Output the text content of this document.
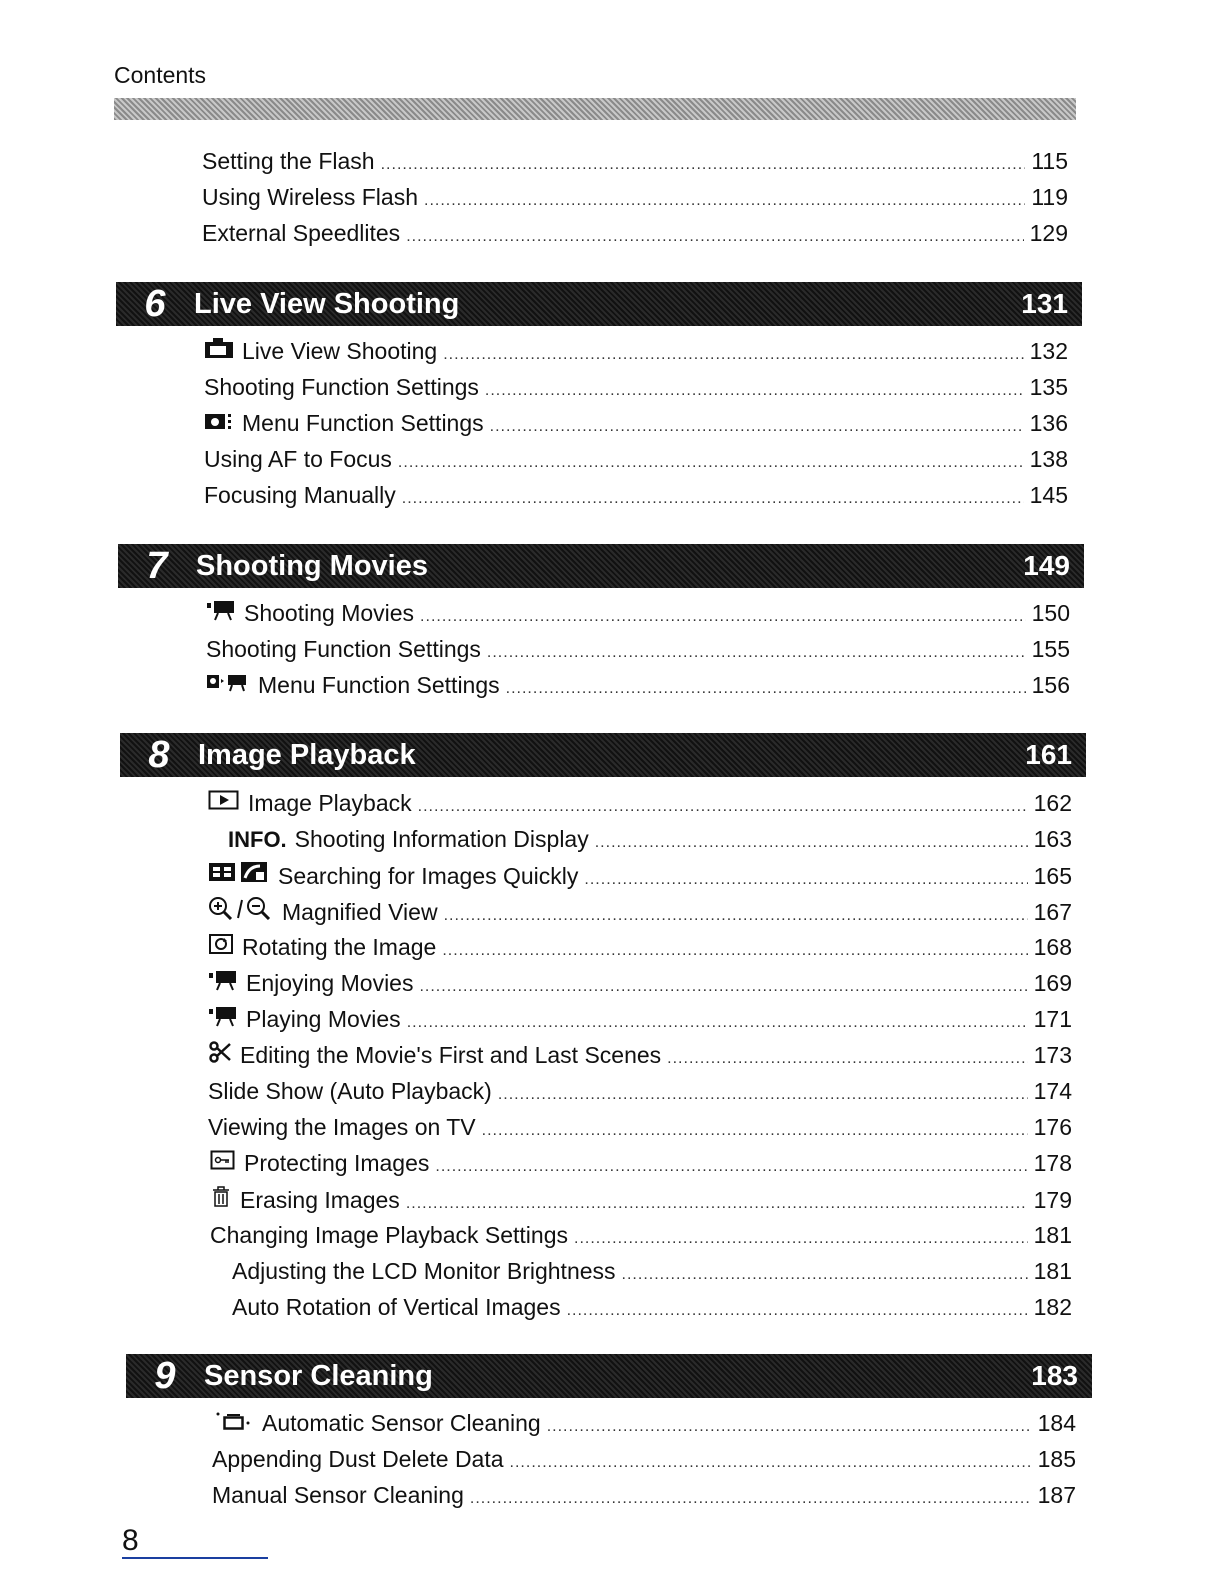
Contents
Setting the Flash .....	115
Using Wireless Flash .....	119
External Speedlites .....	129
6 Live View Shooting	131
Live View Shooting .....	132
Shooting Function Settings .....	135
Menu Function Settings .....	136
Using AF to Focus .....	138
Focusing Manually .....	145
7 Shooting Movies	149
Shooting Movies .....	150
Shooting Function Settings .....	155
Menu Function Settings .....	156
8 Image Playback	161
Image Playback .....	162
INFO. Shooting Information Display .....	163
Searching for Images Quickly .....	165
Magnified View .....	167
Rotating the Image .....	168
Enjoying Movies .....	169
Playing Movies .....	171
Editing the Movie's First and Last Scenes .....	173
Slide Show (Auto Playback) .....	174
Viewing the Images on TV .....	176
Protecting Images .....	178
Erasing Images .....	179
Changing Image Playback Settings .....	181
Adjusting the LCD Monitor Brightness .....	181
Auto Rotation of Vertical Images .....	182
9 Sensor Cleaning	183
Automatic Sensor Cleaning .....	184
Appending Dust Delete Data .....	185
Manual Sensor Cleaning .....	187
8
